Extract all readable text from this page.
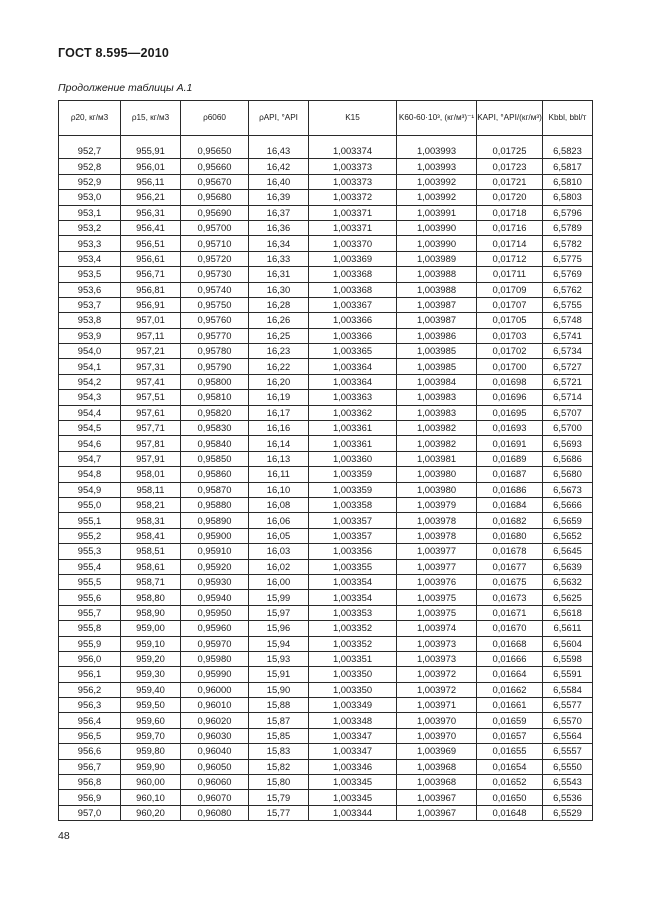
ГОСТ 8.595—2010
Продолжение таблицы А.1
ρ20, кг/м3	ρ15, кг/м3	ρ6060	ρAPI, °API	K15	K60-60·10³, (кг/м³)⁻¹	KAPI, °API/(кг/м³)	Kbbl, bbl/т
952,7	955,91	0,95650	16,43	1,003374	1,003993	0,01725	6,5823
952,8	956,01	0,95660	16,42	1,003373	1,003993	0,01723	6,5817
952,9	956,11	0,95670	16,40	1,003373	1,003992	0,01721	6,5810
953,0	956,21	0,95680	16,39	1,003372	1,003992	0,01720	6,5803
953,1	956,31	0,95690	16,37	1,003371	1,003991	0,01718	6,5796
953,2	956,41	0,95700	16,36	1,003371	1,003990	0,01716	6,5789
953,3	956,51	0,95710	16,34	1,003370	1,003990	0,01714	6,5782
953,4	956,61	0,95720	16,33	1,003369	1,003989	0,01712	6,5775
953,5	956,71	0,95730	16,31	1,003368	1,003988	0,01711	6,5769
953,6	956,81	0,95740	16,30	1,003368	1,003988	0,01709	6,5762
953,7	956,91	0,95750	16,28	1,003367	1,003987	0,01707	6,5755
953,8	957,01	0,95760	16,26	1,003366	1,003987	0,01705	6,5748
953,9	957,11	0,95770	16,25	1,003366	1,003986	0,01703	6,5741
954,0	957,21	0,95780	16,23	1,003365	1,003985	0,01702	6,5734
954,1	957,31	0,95790	16,22	1,003364	1,003985	0,01700	6,5727
954,2	957,41	0,95800	16,20	1,003364	1,003984	0,01698	6,5721
954,3	957,51	0,95810	16,19	1,003363	1,003983	0,01696	6,5714
954,4	957,61	0,95820	16,17	1,003362	1,003983	0,01695	6,5707
954,5	957,71	0,95830	16,16	1,003361	1,003982	0,01693	6,5700
954,6	957,81	0,95840	16,14	1,003361	1,003982	0,01691	6,5693
954,7	957,91	0,95850	16,13	1,003360	1,003981	0,01689	6,5686
954,8	958,01	0,95860	16,11	1,003359	1,003980	0,01687	6,5680
954,9	958,11	0,95870	16,10	1,003359	1,003980	0,01686	6,5673
955,0	958,21	0,95880	16,08	1,003358	1,003979	0,01684	6,5666
955,1	958,31	0,95890	16,06	1,003357	1,003978	0,01682	6,5659
955,2	958,41	0,95900	16,05	1,003357	1,003978	0,01680	6,5652
955,3	958,51	0,95910	16,03	1,003356	1,003977	0,01678	6,5645
955,4	958,61	0,95920	16,02	1,003355	1,003977	0,01677	6,5639
955,5	958,71	0,95930	16,00	1,003354	1,003976	0,01675	6,5632
955,6	958,80	0,95940	15,99	1,003354	1,003975	0,01673	6,5625
955,7	958,90	0,95950	15,97	1,003353	1,003975	0,01671	6,5618
955,8	959,00	0,95960	15,96	1,003352	1,003974	0,01670	6,5611
955,9	959,10	0,95970	15,94	1,003352	1,003973	0,01668	6,5604
956,0	959,20	0,95980	15,93	1,003351	1,003973	0,01666	6,5598
956,1	959,30	0,95990	15,91	1,003350	1,003972	0,01664	6,5591
956,2	959,40	0,96000	15,90	1,003350	1,003972	0,01662	6,5584
956,3	959,50	0,96010	15,88	1,003349	1,003971	0,01661	6,5577
956,4	959,60	0,96020	15,87	1,003348	1,003970	0,01659	6,5570
956,5	959,70	0,96030	15,85	1,003347	1,003970	0,01657	6,5564
956,6	959,80	0,96040	15,83	1,003347	1,003969	0,01655	6,5557
956,7	959,90	0,96050	15,82	1,003346	1,003968	0,01654	6,5550
956,8	960,00	0,96060	15,80	1,003345	1,003968	0,01652	6,5543
956,9	960,10	0,96070	15,79	1,003345	1,003967	0,01650	6,5536
957,0	960,20	0,96080	15,77	1,003344	1,003967	0,01648	6,5529
48
